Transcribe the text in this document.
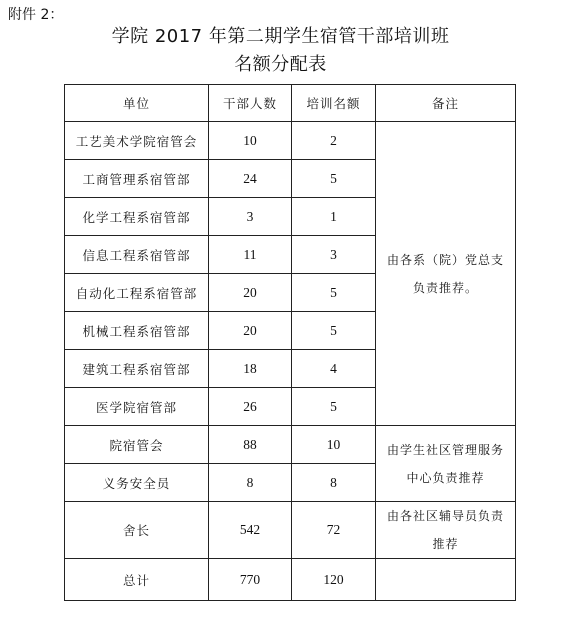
附件 2：
学院 2017 年第二期学生宿管干部培训班
名额分配表
单位	干部人数	培训名额	备注
工艺美术学院宿管会	10	2	由各系（院）党总支
负责推荐。

工商管理系宿管部	24	5	
化学工程系宿管部	3	1	
信息工程系宿管部	11	3	
自动化工程系宿管部	20	5	
机械工程系宿管部	20	5	
建筑工程系宿管部	18	4	
医学院宿管部	26	5	
院宿管会	88	10	由学生社区管理服务
中心负责推荐

义务安全员	8	8	
舍长	542	72	由各社区辅导员负责
推荐

总计	770	120	
